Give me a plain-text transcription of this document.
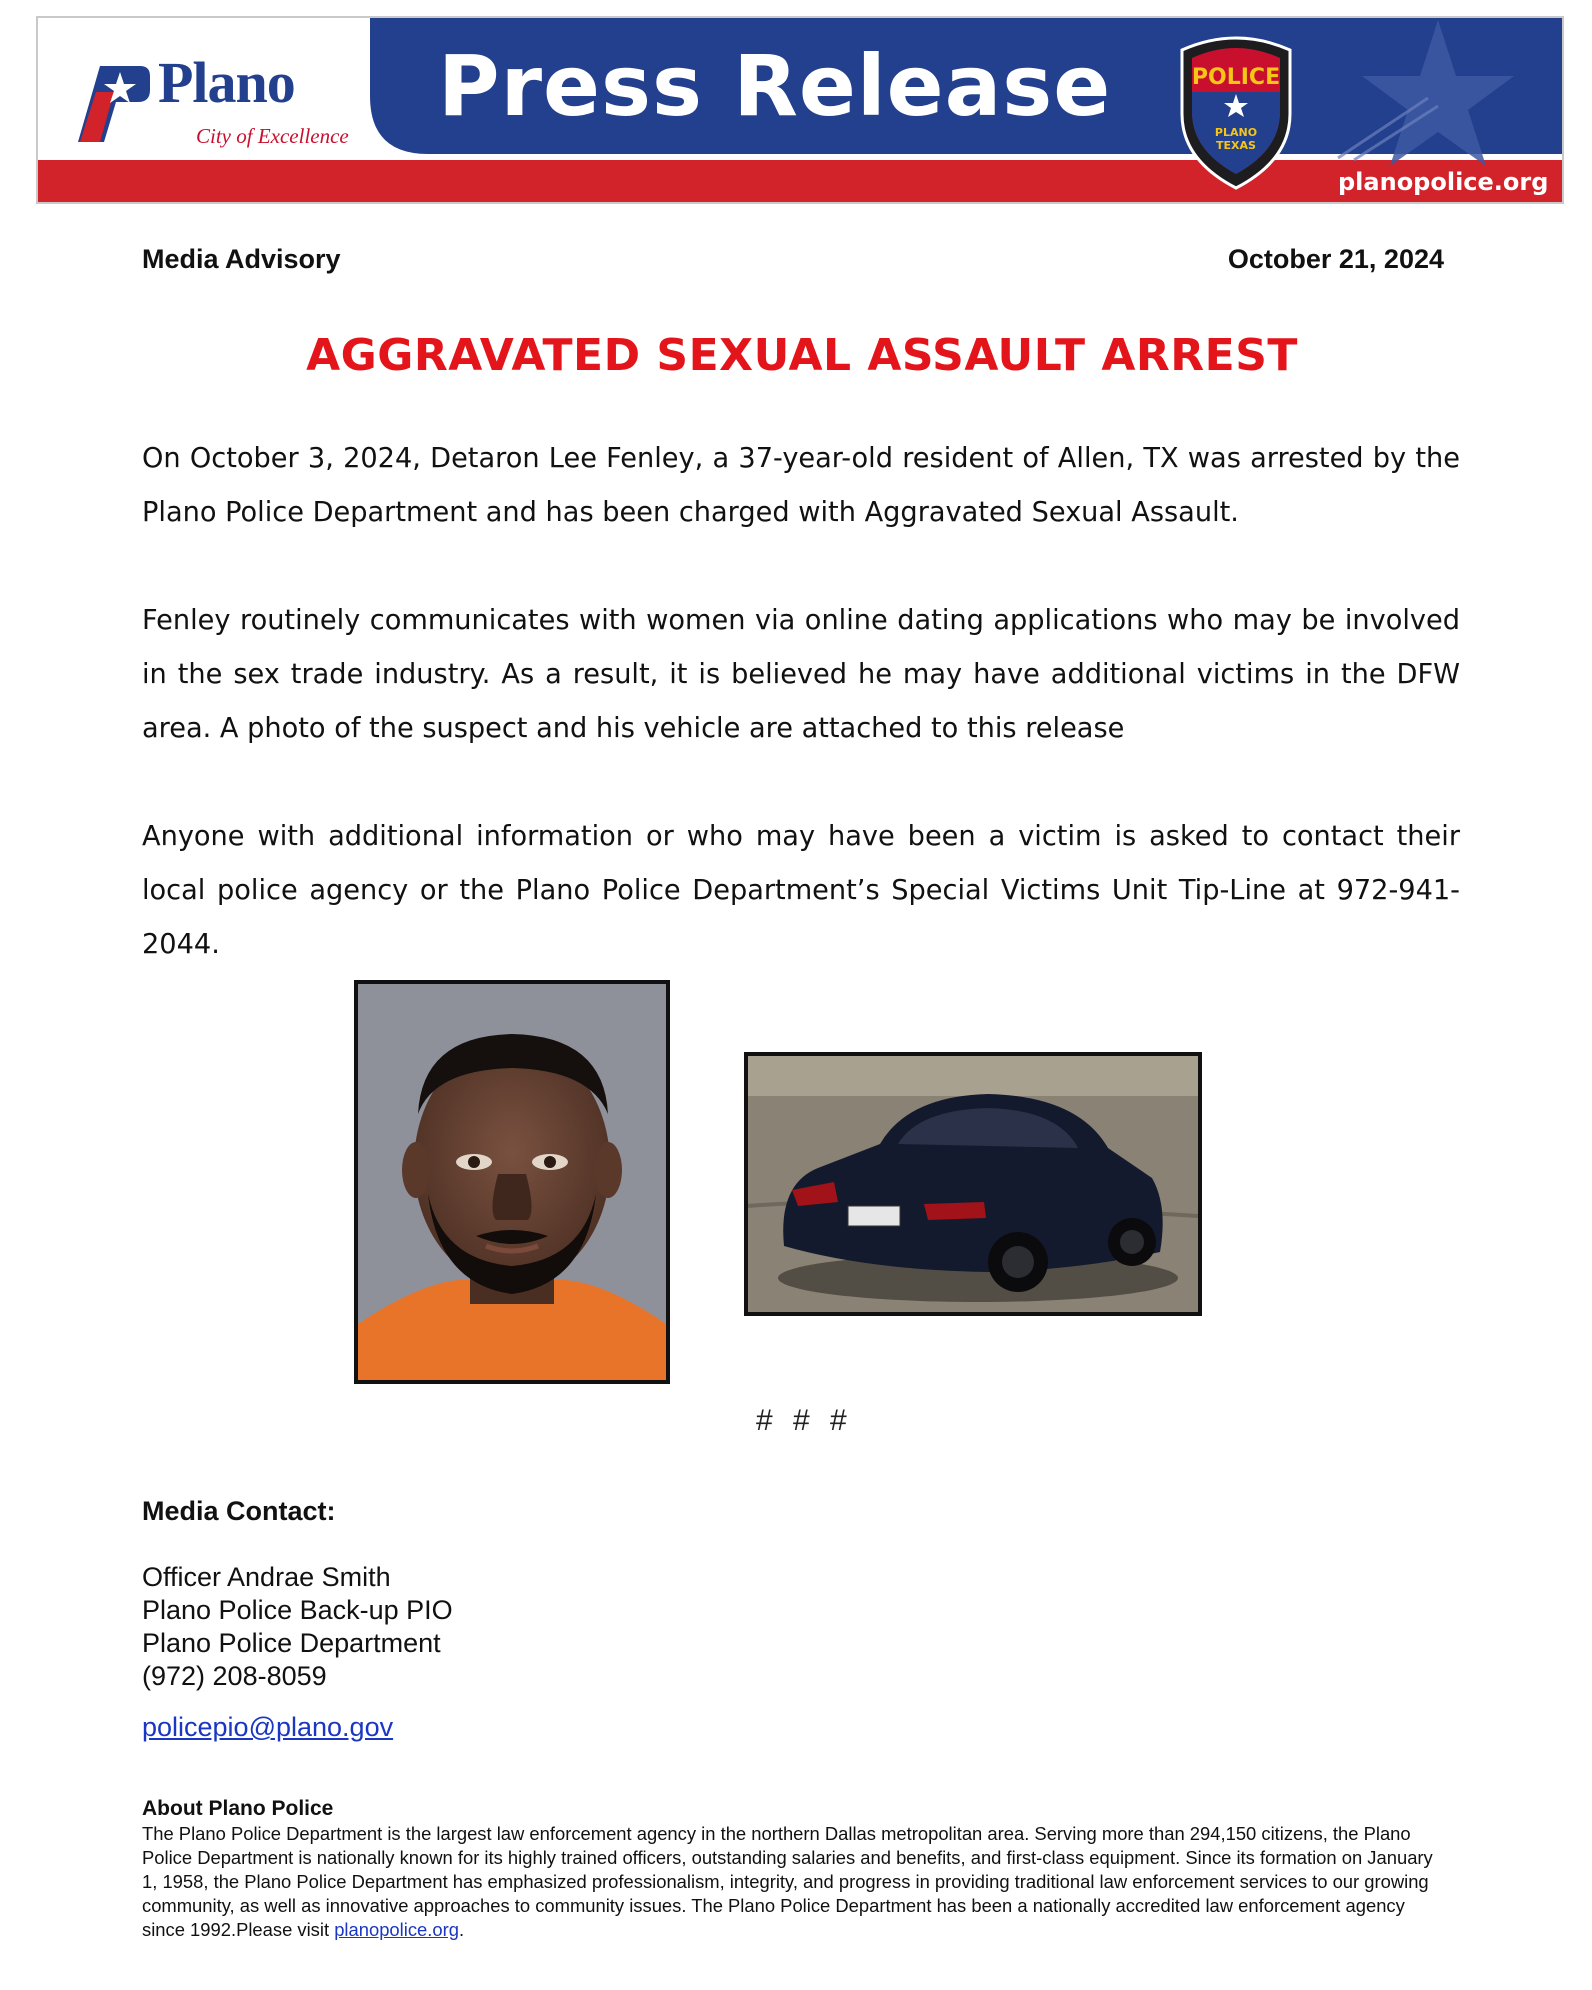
Plano
City of Excellence
Press Release	POLICE
PLANO
TEXAS
planopolice.org
Media Advisory	October 21, 2024
AGGRAVATED SEXUAL ASSAULT ARREST

On October 3, 2024, Detaron Lee Fenley, a 37-year-old resident of Allen, TX was arrested by the Plano Police Department and has been charged with Aggravated Sexual Assault.

Fenley routinely communicates with women via online dating applications who may be involved in the sex trade industry. As a result, it is believed he may have additional victims in the DFW area. A photo of the suspect and his vehicle are attached to this release

Anyone with additional information or who may have been a victim is asked to contact their local police agency or the Plano Police Department’s Special Victims Unit Tip-Line at 972-941-2044.

# # #
Media Contact:
Officer Andrae Smith
Plano Police Back-up PIO
Plano Police Department
(972) 208-8059
policepio@plano.gov
About Plano Police
The Plano Police Department is the largest law enforcement agency in the northern Dallas metropolitan area. Serving more than 294,150 citizens, the Plano Police Department is nationally known for its highly trained officers, outstanding salaries and benefits, and first-class equipment. Since its formation on January 1, 1958, the Plano Police Department has emphasized professionalism, integrity, and progress in providing traditional law enforcement services to our growing community, as well as innovative approaches to community issues. The Plano Police Department has been a nationally accredited law enforcement agency since 1992.Please visit planopolice.org.
